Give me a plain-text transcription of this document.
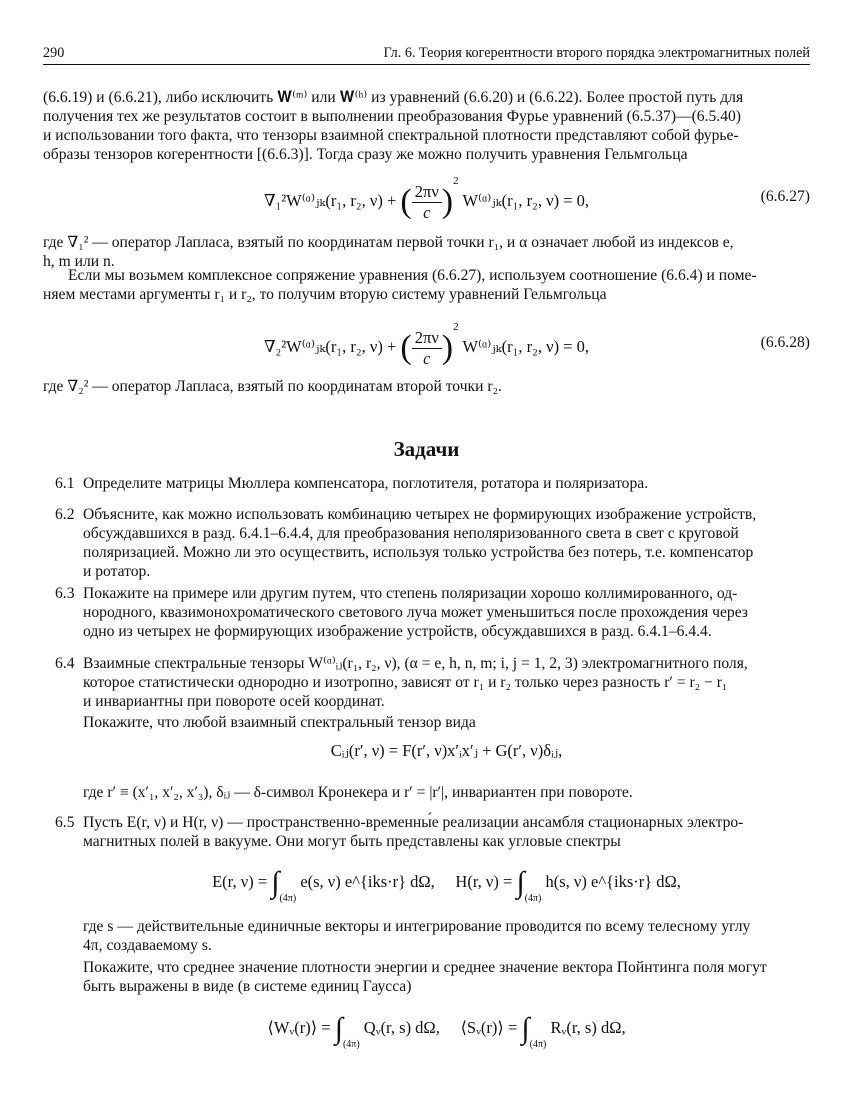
290	Гл. 6. Теория когерентности второго порядка электромагнитных полей
(6.6.19) и (6.6.21), либо исключить 𝐖⁽ᵐ⁾ или 𝐖⁽ʰ⁾ из уравнений (6.6.20) и (6.6.22). Более простой путь для
получения тех же результатов состоит в выполнении преобразования Фурье уравнений (6.5.37)—(6.5.40)
и использовании того факта, что тензоры взаимной спектральной плотности представляют собой фурье-
образы тензоров когерентности [(6.6.3)]. Тогда сразу же можно получить уравнения Гельмгольца
∇₁²W⁽ᵅ⁾ⱼₖ(r₁, r₂, ν) + ( $\frac{2\pi\nu}{c} )^2$ W⁽ᵅ⁾ⱼₖ(r₁, r₂, ν) = 0,	(6.6.27)
где ∇₁² — оператор Лапласа, взятый по координатам первой точки r₁, и α означает любой из индексов e,
h, m или n.
Если мы возьмем комплексное сопряжение уравнения (6.6.27), используем соотношение (6.6.4) и поме-
няем местами аргументы r₁ и r₂, то получим вторую систему уравнений Гельмгольца
∇₂²W⁽ᵅ⁾ⱼₖ(r₁, r₂, ν) + ( $\frac{2\pi\nu}{c} )^2$ W⁽ᵅ⁾ⱼₖ(r₁, r₂, ν) = 0,	(6.6.28)
где ∇₂² — оператор Лапласа, взятый по координатам второй точки r₂.
Задачи
6.1 Определите матрицы Мюллера компенсатора, поглотителя, ротатора и поляризатора.
6.2 Объясните, как можно использовать комбинацию четырех не формирующих изображение устройств,
обсуждавшихся в разд. 6.4.1–6.4.4, для преобразования неполяризованного света в свет с круговой
поляризацией. Можно ли это осуществить, используя только устройства без потерь, т.е. компенсатор
и ротатор.
6.3 Покажите на примере или другим путем, что степень поляризации хорошо коллимированного, од-
нородного, квазимонохроматического светового луча может уменьшиться после прохождения через
одно из четырех не формирующих изображение устройств, обсуждавшихся в разд. 6.4.1–6.4.4.
6.4 Взаимные спектральные тензоры W⁽ᵅ⁾ᵢⱼ(r₁, r₂, ν), (α = e, h, n, m; i, j = 1, 2, 3) электромагнитного поля,
которое статистически однородно и изотропно, зависят от r₁ и r₂ только через разность r′ = r₂ − r₁
и инвариантны при повороте осей координат.
Покажите, что любой взаимный спектральный тензор вида
Cᵢⱼ(r′, ν) = F(r′, ν)x′ᵢx′ⱼ + G(r′, ν)δᵢⱼ,
где r′ ≡ (x′₁, x′₂, x′₃), δᵢⱼ — δ-символ Кронекера и r′ = |r′|, инвариантен при повороте.
6.5 Пусть E(r, ν) и H(r, ν) — пространственно-временны́е реализации ансамбля стационарных электро-
магнитных полей в вакууме. Они могут быть представлены как угловые спектры
E(r, $\nu) = \int_{(4\pi)}$ e(s, ν) e^{iks·r} dΩ, H(r, $\nu) = \int_{(4\pi)}$ h(s, ν) e^{iks·r} dΩ,
где s — действительные единичные векторы и интегрирование проводится по всему телесному углу
4π, создаваемому s.
Покажите, что среднее значение плотности энергии и среднее значение вектора Пойнтинга поля могут
быть выражены в виде (в системе единиц Гаусса)
⟨Wᵥ(r)⟩ = $\int_{(4\pi)}$ Qᵥ(r, s) dΩ, ⟨Sᵥ(r)⟩ = $\int_{(4\pi)}$ Rᵥ(r, s) dΩ,
